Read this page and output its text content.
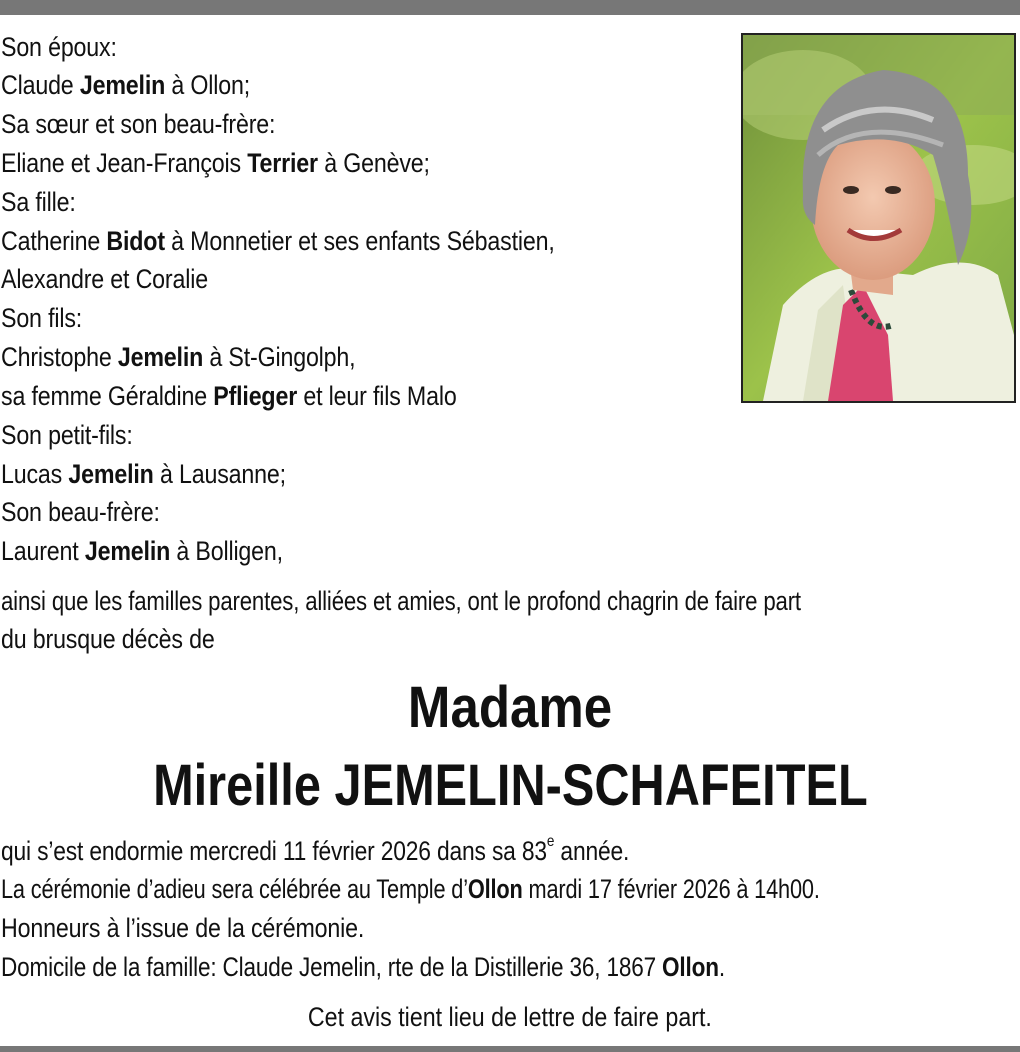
Son époux:
Claude Jemelin à Ollon;
Sa sœur et son beau-frère:
Eliane et Jean-François Terrier à Genève;
Sa fille:
Catherine Bidot à Monnetier et ses enfants Sébastien,
Alexandre et Coralie
Son fils:
Christophe Jemelin à St-Gingolph,
sa femme Géraldine Pflieger et leur fils Malo
Son petit-fils:
Lucas Jemelin à Lausanne;
Son beau-frère:
Laurent Jemelin à Bolligen,
ainsi que les familles parentes, alliées et amies, ont le profond chagrin de faire part
du brusque décès de
Madame
Mireille JEMELIN-SCHAFEITEL
qui s’est endormie mercredi 11 février 2026 dans sa 83e année.
La cérémonie d’adieu sera célébrée au Temple d’Ollon mardi 17 février 2026 à 14h00.
Honneurs à l’issue de la cérémonie.
Domicile de la famille: Claude Jemelin, rte de la Distillerie 36, 1867 Ollon.
Cet avis tient lieu de lettre de faire part.
